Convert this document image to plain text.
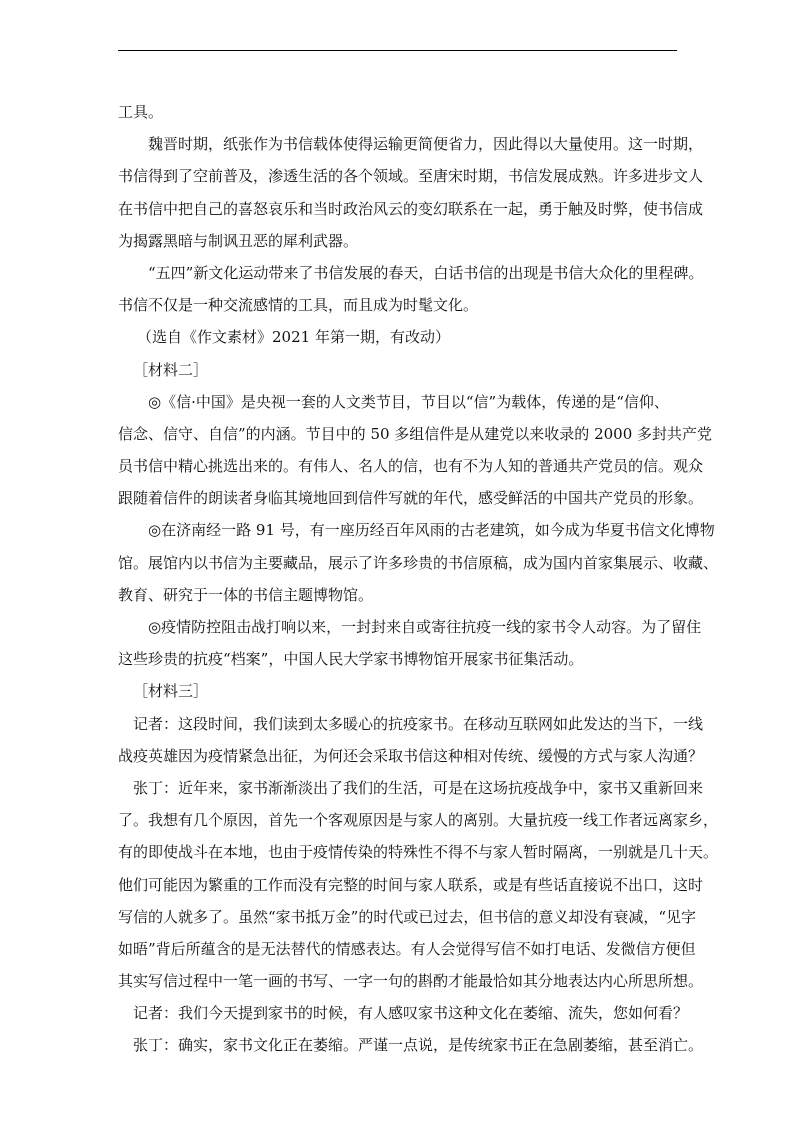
工具。
魏晋时期，纸张作为书信载体使得运输更简便省力，因此得以大量使用。这一时期，
书信得到了空前普及，渗透生活的各个领域。至唐宋时期，书信发展成熟。许多进步文人
在书信中把自己的喜怒哀乐和当时政治风云的变幻联系在一起，勇于触及时弊，使书信成
为揭露黑暗与制讽丑恶的犀利武器。
“五四”新文化运动带来了书信发展的春天，白话书信的出现是书信大众化的里程碑。
书信不仅是一种交流感情的工具，而且成为时髦文化。
（选自《作文素材》2021 年第一期，有改动）
［材料二］
◎《信·中国》是央视一套的人文类节目，节目以“信”为载体，传递的是“信仰、
信念、信守、自信”的内涵。节目中的 50 多组信件是从建党以来收录的 2000 多封共产党
员书信中精心挑选出来的。有伟人、名人的信，也有不为人知的普通共产党员的信。观众
跟随着信件的朗读者身临其境地回到信件写就的年代，感受鲜活的中国共产党员的形象。
◎在济南经一路 91 号，有一座历经百年风雨的古老建筑，如今成为华夏书信文化博物
馆。展馆内以书信为主要藏品，展示了许多珍贵的书信原稿，成为国内首家集展示、收藏、
教育、研究于一体的书信主题博物馆。
◎疫情防控阻击战打响以来，一封封来自或寄往抗疫一线的家书令人动容。为了留住
这些珍贵的抗疫“档案”，中国人民大学家书博物馆开展家书征集活动。
［材料三］
记者：这段时间，我们读到太多暖心的抗疫家书。在移动互联网如此发达的当下，一线
战疫英雄因为疫情紧急出征，为何还会采取书信这种相对传统、缓慢的方式与家人沟通？
张丁：近年来，家书渐渐淡出了我们的生活，可是在这场抗疫战争中，家书又重新回来
了。我想有几个原因，首先一个客观原因是与家人的离别。大量抗疫一线工作者远离家乡，
有的即使战斗在本地，也由于疫情传染的特殊性不得不与家人暂时隔离，一别就是几十天。
他们可能因为繁重的工作而没有完整的时间与家人联系，或是有些话直接说不出口，这时
写信的人就多了。虽然“家书抵万金”的时代或已过去，但书信的意义却没有衰减，“见字
如晤”背后所蕴含的是无法替代的情感表达。有人会觉得写信不如打电话、发微信方便但
其实写信过程中一笔一画的书写、一字一句的斟酌才能最恰如其分地表达内心所思所想。
记者：我们今天提到家书的时候，有人感叹家书这种文化在萎缩、流失，您如何看？
张丁：确实，家书文化正在萎缩。严谨一点说，是传统家书正在急剧萎缩，甚至消亡。
